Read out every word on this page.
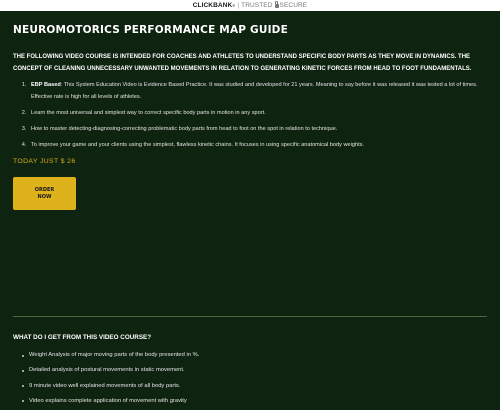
CLICKBANK ® | TRUSTED SECURE
NEUROMOTORICS PERFORMANCE MAP GUIDE

THE FOLLOWING VIDEO COURSE IS INTENDED FOR COACHES AND ATHLETES TO UNDERSTAND SPECIFIC BODY PARTS AS THEY MOVE IN DYNAMICS. THE CONCEPT OF CLEANING UNNECESSARY UNWANTED MOVEMENTS IN RELATION TO GENERATING KINETIC FORCES FROM HEAD TO FOOT FUNDAMENTALS.

1. EBP Based: This System Education Video is Evidence Based Practice. It was studied and developed for 21 years. Meaning to say before it was released it was tested a lot of times. Effective rate is high for all levels of athletes.
2. Learn the most universal and simplest way to correct specific body parts in motion in any sport.
3. How to master detecting-diagnosing-correcting problematic body parts from head to foot on the spot in relation to technique.
4. To improve your game and your clients using the simplest, flawless kinetic chains. It focuses in using specific anatomical body weights.
TODAY JUST $ 26
ORDER
NOW
WHAT DO I GET FROM THIS VIDEO COURSE?
Weight Analysis of major moving parts of the body presented in %.
Detailed analysis of postural movements in static movement.
9 minute video well explained movements of all body parts.
Video explains complete application of movement with gravity
